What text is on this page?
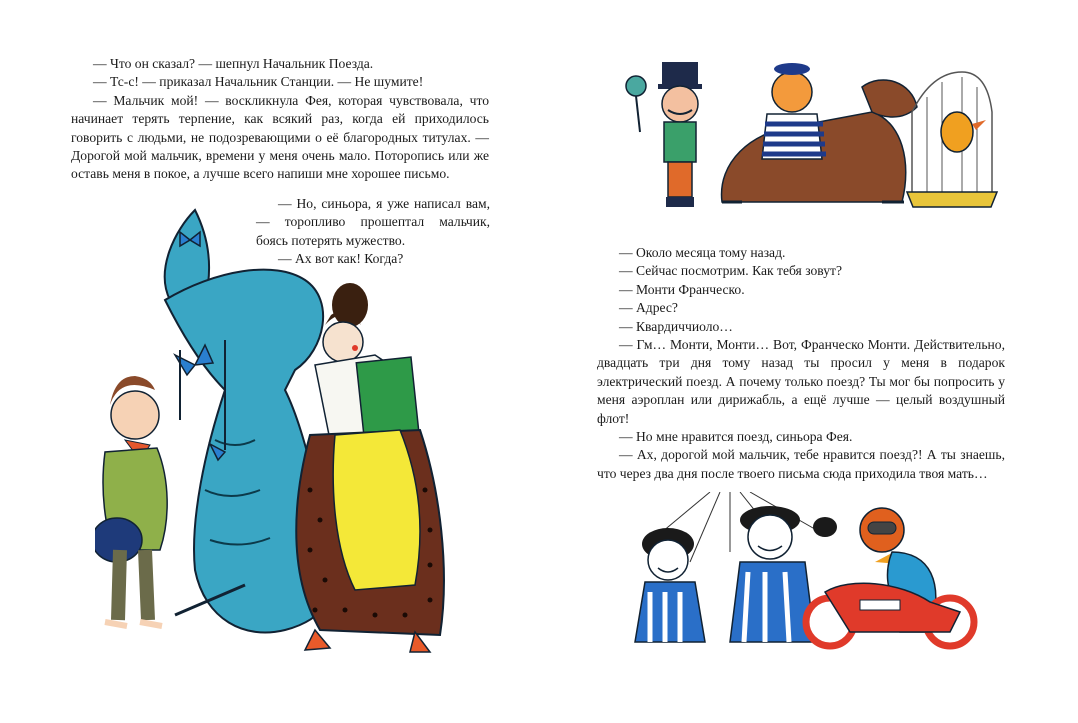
— Что он сказал? — шепнул Начальник Поезда.

— Тс-с! — приказал Начальник Станции. — Не шумите!

— Мальчик мой! — воскликнула Фея, которая чувствовала, что начинает терять терпение, как всякий раз, когда ей приходилось говорить с людьми, не подозревающими о её благородных титулах. — Дорогой мой мальчик, времени у меня очень мало. Поторопись или же оставь меня в покое, а лучше всего напиши мне хорошее письмо.

— Но, синьора, я уже написал вам, — торопливо прошептал мальчик, боясь потерять мужество.

— Ах вот как! Когда?	— Около месяца тому назад.

— Сейчас посмотрим. Как тебя зовут?

— Монти Франческо.

— Адрес?

— Квардиччиоло…

— Гм… Монти, Монти… Вот, Франческо Монти. Действительно, двадцать три дня тому назад ты просил у меня в подарок электрический поезд. А почему только поезд? Ты мог бы попросить у меня аэроплан или дирижабль, а ещё лучше — целый воздушный флот!

— Но мне нравится поезд, синьора Фея.

— Ах, дорогой мой мальчик, тебе нравится поезд?! А ты знаешь, что через два дня после твоего письма сюда приходила твоя мать…
